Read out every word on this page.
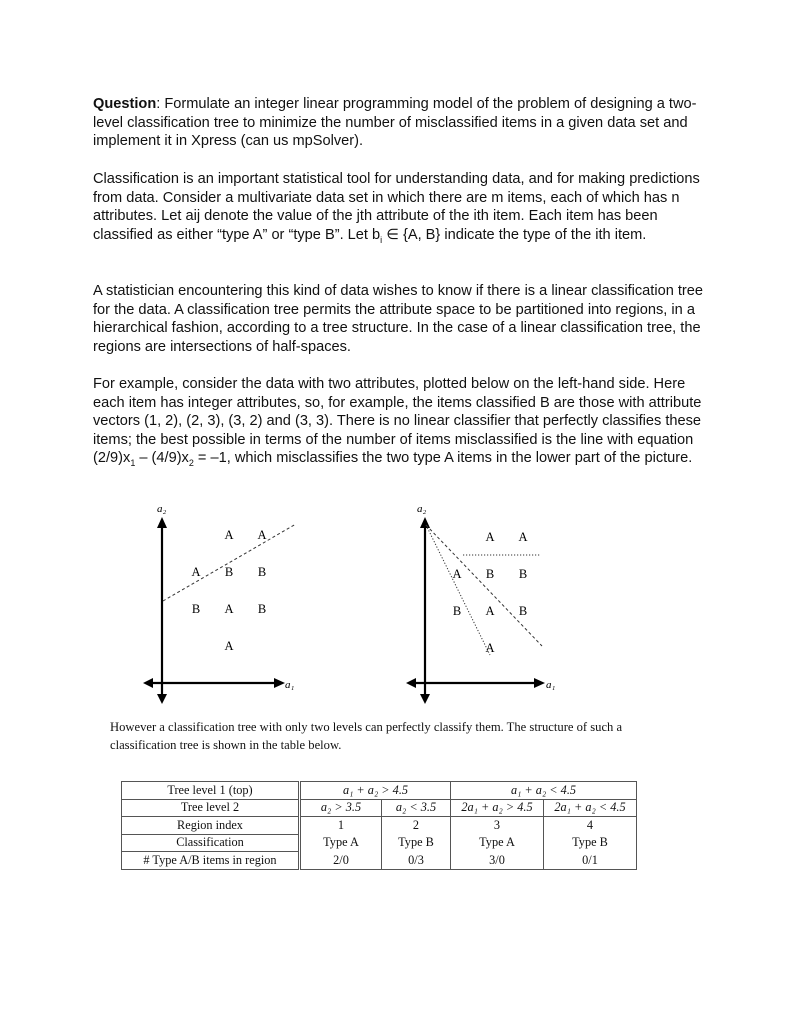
Question: Formulate an integer linear programming model of the problem of designing a two-level classification tree to minimize the number of misclassified items in a given data set and implement it in Xpress (can us mpSolver).
Classification is an important statistical tool for understanding data, and for making predictions from data. Consider a multivariate data set in which there are m items, each of which has n attributes. Let aij denote the value of the jth attribute of the ith item. Each item has been classified as either “type A” or “type B”. Let $b_i$ ∈ {A, B} indicate the type of the ith item.
A statistician encountering this kind of data wishes to know if there is a linear classification tree for the data. A classification tree permits the attribute space to be partitioned into regions, in a hierarchical fashion, according to a tree structure. In the case of a linear classification tree, the regions are intersections of half-spaces.
For example, consider the data with two attributes, plotted below on the left-hand side. Here each item has integer attributes, so, for example, the items classified B are those with attribute vectors (1, 2), (2, 3), (3, 2) and (3, 3). There is no linear classifier that perfectly classifies these items; the best possible in terms of the number of items misclassified is the line with equation $(2/9)x_1 - (4/9)x_2 = -1$, which misclassifies the two type A items in the lower part of the picture.
a₂
a₁
B A B
A B B
A A
A
a₂
a₁
B A B
A B B
A A
A
However a classification tree with only two levels can perfectly classify them. The structure of such a classification tree is shown in the table below.
Tree level 1 (top)	a₁ + a₂ > 4.5		a₁ + a₂ < 4.5	
Tree level 2	a₂ > 3.5	a₂ < 3.5	2a₁ + a₂ > 4.5	2a₁ + a₂ < 4.5
Region index	1	2	3	4
Classification	Type A	Type B	Type A	Type B
# Type A/B items in region	2/0	0/3	3/0	0/1
